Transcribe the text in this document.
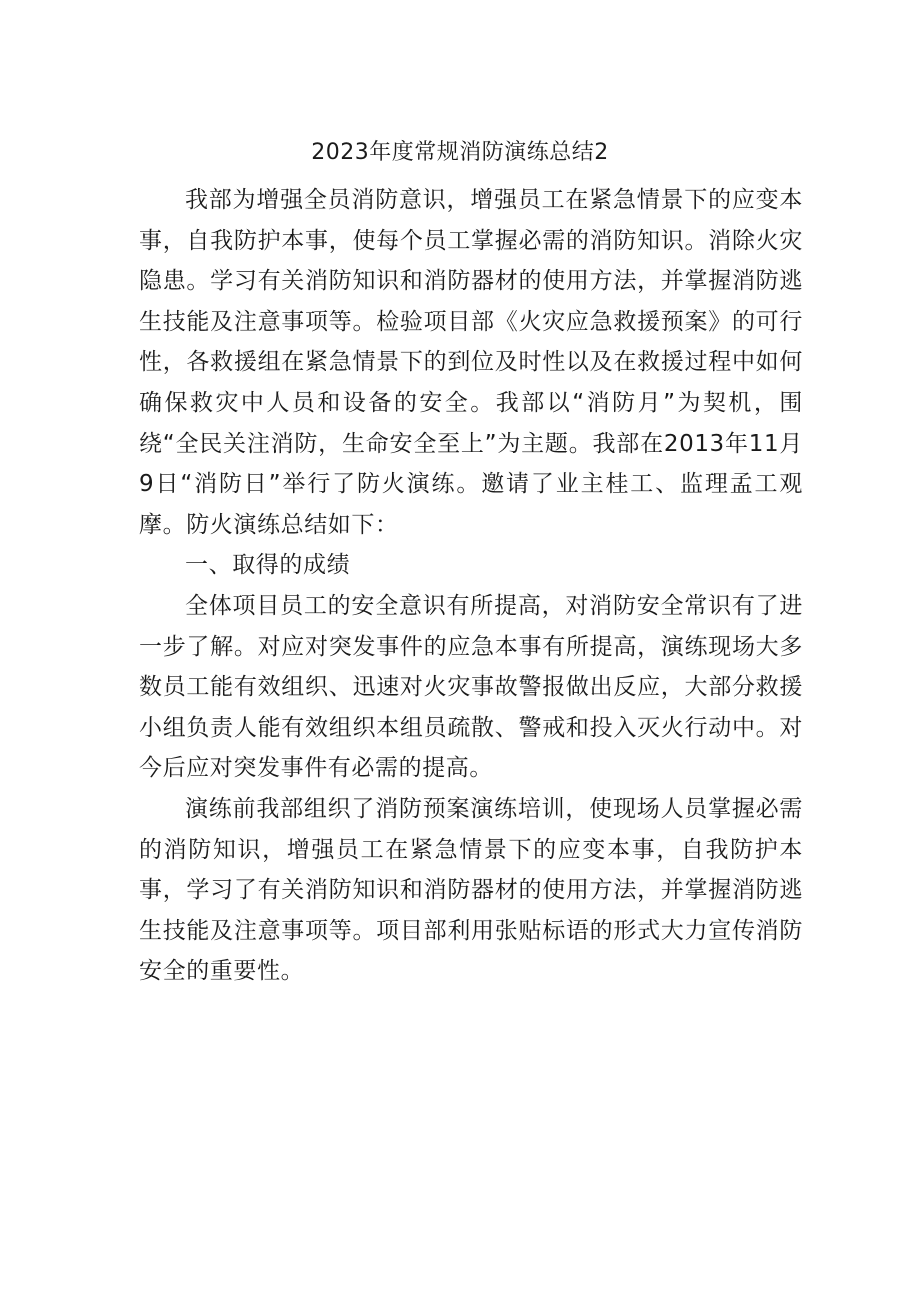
2023年度常规消防演练总结2

我部为增强全员消防意识，增强员工在紧急情景下的应变本事，自我防护本事，使每个员工掌握必需的消防知识。消除火灾隐患。学习有关消防知识和消防器材的使用方法，并掌握消防逃生技能及注意事项等。检验项目部《火灾应急救援预案》的可行性，各救援组在紧急情景下的到位及时性以及在救援过程中如何确保救灾中人员和设备的安全。我部以“消防月”为契机，围绕“全民关注消防，生命安全至上”为主题。我部在2013年11月9日“消防日”举行了防火演练。邀请了业主桂工、监理孟工观摩。防火演练总结如下：

一、取得的成绩

全体项目员工的安全意识有所提高，对消防安全常识有了进一步了解。对应对突发事件的应急本事有所提高，演练现场大多数员工能有效组织、迅速对火灾事故警报做出反应，大部分救援小组负责人能有效组织本组员疏散、警戒和投入灭火行动中。对今后应对突发事件有必需的提高。

演练前我部组织了消防预案演练培训，使现场人员掌握必需的消防知识，增强员工在紧急情景下的应变本事，自我防护本事，学习了有关消防知识和消防器材的使用方法，并掌握消防逃生技能及注意事项等。项目部利用张贴标语的形式大力宣传消防安全的重要性。
